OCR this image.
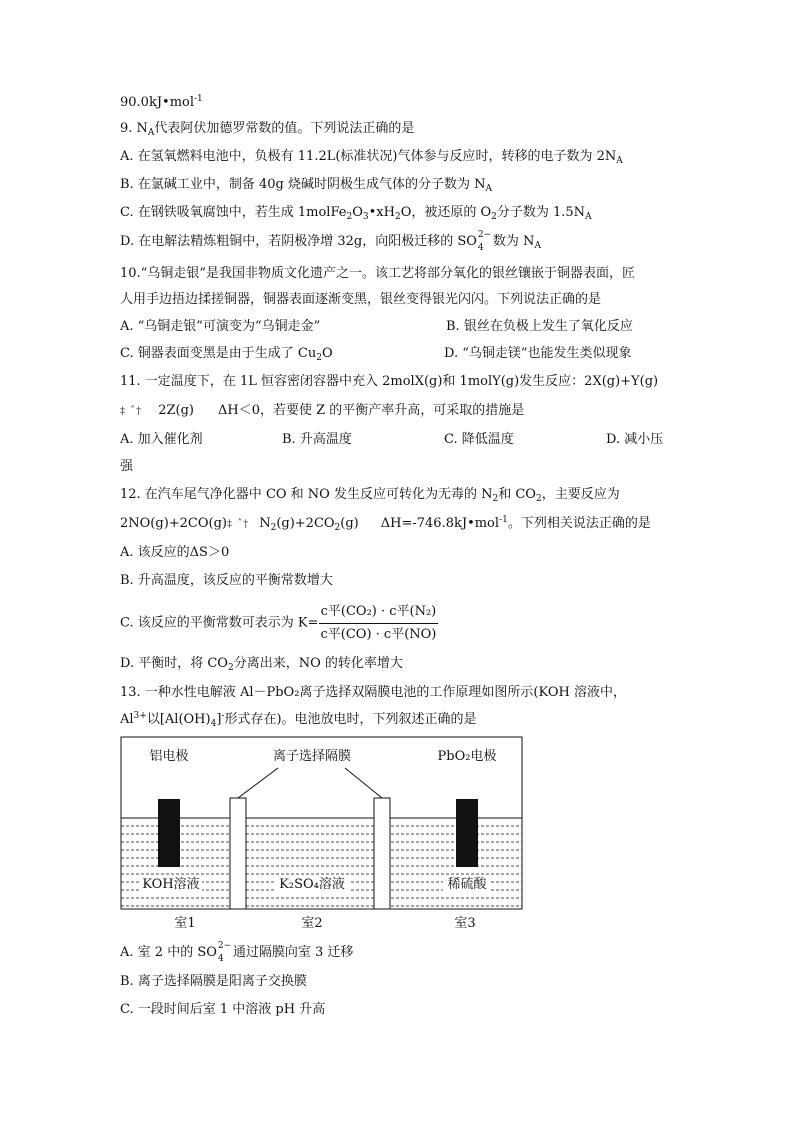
90.0kJ•mol$^{-1}$
9. $N_A$代表阿伏加德罗常数的值。下列说法正确的是
A. 在氢氧燃料电池中，负极有 11.2L(标准状况)气体参与反应时，转移的电子数为 $2N_A$
B. 在氯碱工业中，制备 40g 烧碱时阴极生成气体的分子数为 $N_A$
C. 在钢铁吸氧腐蚀中，若生成 $1molFe_2O_3•xH_2O$，被还原的 $O_2$分子数为 $1.5N_A$
D. 在电解法精炼粗铜中，若阴极净增 32g，向阳极迁移的 SO 2−
4 数为 $N_A$
10.“乌铜走银”是我国非物质文化遗产之一。该工艺将部分氧化的银丝镶嵌于铜器表面，匠
人用手边捂边揉搓铜器，铜器表面逐渐变黑，银丝变得银光闪闪。下列说法正确的是
A. “乌铜走银”可演变为“乌铜走金”	B. 银丝在负极上发生了氧化反应
C. 铜器表面变黑是由于生成了 $Cu_2O$	D. “乌铜走镁”也能发生类似现象
11. 一定温度下，在 1L 恒容密闭容器中充入 2molX(g)和 1molY(g)发生反应：2X(g)+Y(g)
‡ ˆ† 2Z(g) ΔH＜0，若要使 Z 的平衡产率升高，可采取的措施是
A. 加入催化剂	B. 升高温度	C. 降低温度	D. 减小压
强
12. 在汽车尾气净化器中 CO 和 NO 发生反应可转化为无毒的 $N_2$和 $CO_2$，主要反应为
2NO(g)+2CO(g)‡ ˆ† $N_2(g)+2CO_2(g)$ ΔH=-746.8kJ•mol$^{-1}$。下列相关说法正确的是
A. 该反应的ΔS＞0
B. 升高温度，该反应的平衡常数增大
C. 该反应的平衡常数可表示为 $K= \frac{\text{c平(CO₂) · c平(N₂)}}{\text{c平(CO) · c平(NO)}}$
D. 平衡时，将 $CO_2$分离出来，NO 的转化率增大
13. 一种水性电解液 Al－PbO₂离子选择双隔膜电池的工作原理如图所示(KOH 溶液中，
$Al^{3+}$以$[Al(OH)_4]^-$形式存在)。电池放电时，下列叙述正确的是
铝电极	离子选择隔膜	PbO₂电极
KOH溶液	K₂SO₄溶液	稀硫酸
室1	室2	室3
A. 室 2 中的 SO 2−
4 通过隔膜向室 3 迁移
B. 离子选择隔膜是阳离子交换膜
C. 一段时间后室 1 中溶液 pH 升高
